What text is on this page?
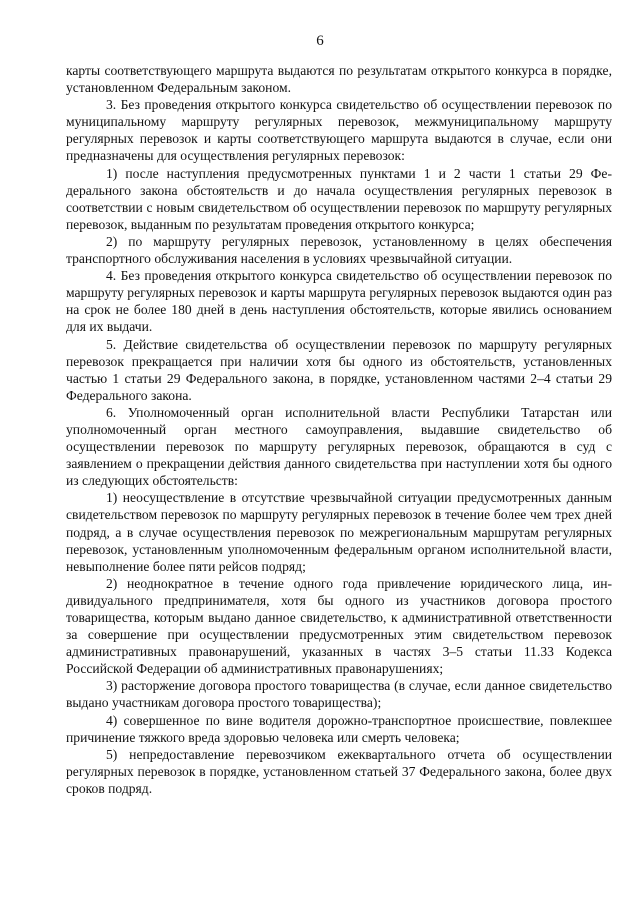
6

карты соответствующего маршрута выдаются по результатам открытого конкурса в порядке, установленном Федеральным законом.

3. Без проведения открытого конкурса свидетельство об осуществлении перевозок по муниципальному маршруту регулярных перевозок, межмуниципальному маршруту регулярных перевозок и карты соответствующего маршрута выдаются в случае, если они предназначены для осуществления регулярных перевозок:

1) после наступления предусмотренных пунктами 1 и 2 части 1 статьи 29 Федерального закона обстоятельств и до начала осуществления регулярных перевозок в соответствии с новым свидетельством об осуществлении перевозок по маршруту регулярных перевозок, выданным по результатам проведения открытого конкурса;

2) по маршруту регулярных перевозок, установленному в целях обеспечения транспортного обслуживания населения в условиях чрезвычайной ситуации.

4. Без проведения открытого конкурса свидетельство об осуществлении перевозок по маршруту регулярных перевозок и карты маршрута регулярных перевозок выдаются один раз на срок не более 180 дней в день наступления обстоятельств, которые явились основанием для их выдачи.

5. Действие свидетельства об осуществлении перевозок по маршруту регулярных перевозок прекращается при наличии хотя бы одного из обстоятельств, установленных частью 1 статьи 29 Федерального закона, в порядке, установленном частями 2–4 статьи 29 Федерального закона.

6. Уполномоченный орган исполнительной власти Республики Татарстан или уполномоченный орган местного самоуправления, выдавшие свидетельство об осуществлении перевозок по маршруту регулярных перевозок, обращаются в суд с заявлением о прекращении действия данного свидетельства при наступлении хотя бы одного из следующих обстоятельств:

1) неосуществление в отсутствие чрезвычайной ситуации предусмотренных данным свидетельством перевозок по маршруту регулярных перевозок в течение более чем трех дней подряд, а в случае осуществления перевозок по межрегиональным маршрутам регулярных перевозок, установленным уполномоченным федеральным органом исполнительной власти, невыполнение более пяти рейсов подряд;

2) неоднократное в течение одного года привлечение юридического лица, индивидуального предпринимателя, хотя бы одного из участников договора простого товарищества, которым выдано данное свидетельство, к административной ответственности за совершение при осуществлении предусмотренных этим свидетельством перевозок административных правонарушений, указанных в частях 3–5 статьи 11.33 Кодекса Российской Федерации об административных правонарушениях;

3) расторжение договора простого товарищества (в случае, если данное свидетельство выдано участникам договора простого товарищества);

4) совершенное по вине водителя дорожно-транспортное происшествие, повлекшее причинение тяжкого вреда здоровью человека или смерть человека;

5) непредоставление перевозчиком ежеквартального отчета об осуществлении регулярных перевозок в порядке, установленном статьей 37 Федерального закона, более двух сроков подряд.
